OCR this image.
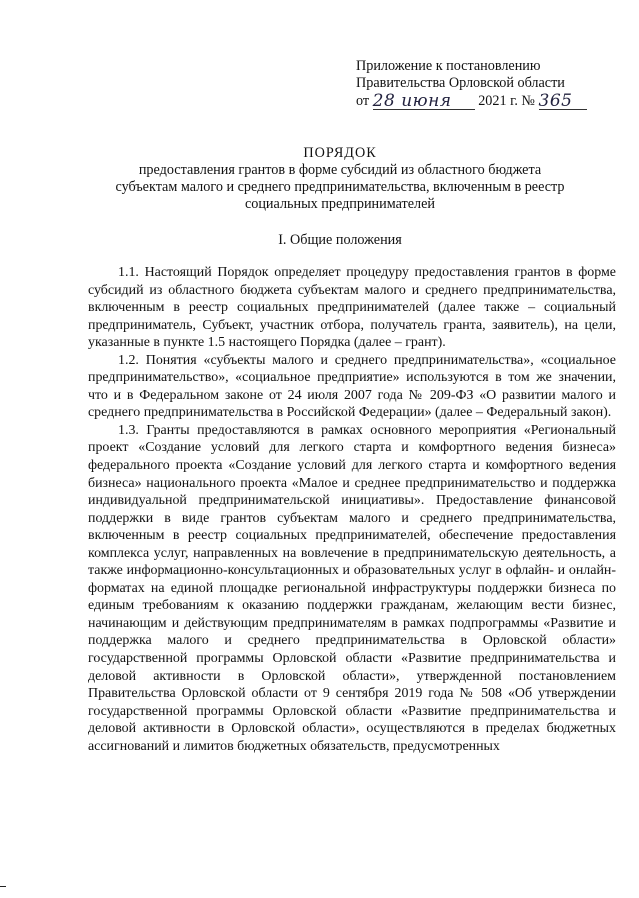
Приложение к постановлению
Правительства Орловской области
от 28 июня 2021 г. № 365
ПОРЯДОК
предоставления грантов в форме субсидий из областного бюджета
субъектам малого и среднего предпринимательства, включенным в реестр
социальных предпринимателей
I. Общие положения

1.1. Настоящий Порядок определяет процедуру предоставления грантов в форме субсидий из областного бюджета субъектам малого и среднего предпринимательства, включенным в реестр социальных предпринимателей (далее также – социальный предприниматель, Субъект, участник отбора, получатель гранта, заявитель), на цели, указанные в пункте 1.5 настоящего Порядка (далее – грант).

1.2. Понятия «субъекты малого и среднего предпринимательства», «социальное предпринимательство», «социальное предприятие» используются в том же значении, что и в Федеральном законе от 24 июля 2007 года № 209-ФЗ «О развитии малого и среднего предпринимательства в Российской Федерации» (далее – Федеральный закон).

1.3. Гранты предоставляются в рамках основного мероприятия «Региональный проект «Создание условий для легкого старта и комфортного ведения бизнеса» федерального проекта «Создание условий для легкого старта и комфортного ведения бизнеса» национального проекта «Малое и среднее предпринимательство и поддержка индивидуальной предпринимательской инициативы». Предоставление финансовой поддержки в виде грантов субъектам малого и среднего предпринимательства, включенным в реестр социальных предпринимателей, обеспечение предоставления комплекса услуг, направленных на вовлечение в предпринимательскую деятельность, а также информационно-консультационных и образовательных услуг в офлайн- и онлайн-форматах на единой площадке региональной инфраструктуры поддержки бизнеса по единым требованиям к оказанию поддержки гражданам, желающим вести бизнес, начинающим и действующим предпринимателям в рамках подпрограммы «Развитие и поддержка малого и среднего предпринимательства в Орловской области» государственной программы Орловской области «Развитие предпринимательства и деловой активности в Орловской области», утвержденной постановлением Правительства Орловской области от 9 сентября 2019 года № 508 «Об утверждении государственной программы Орловской области «Развитие предпринимательства и деловой активности в Орловской области», осуществляются в пределах бюджетных ассигнований и лимитов бюджетных обязательств, предусмотренных
